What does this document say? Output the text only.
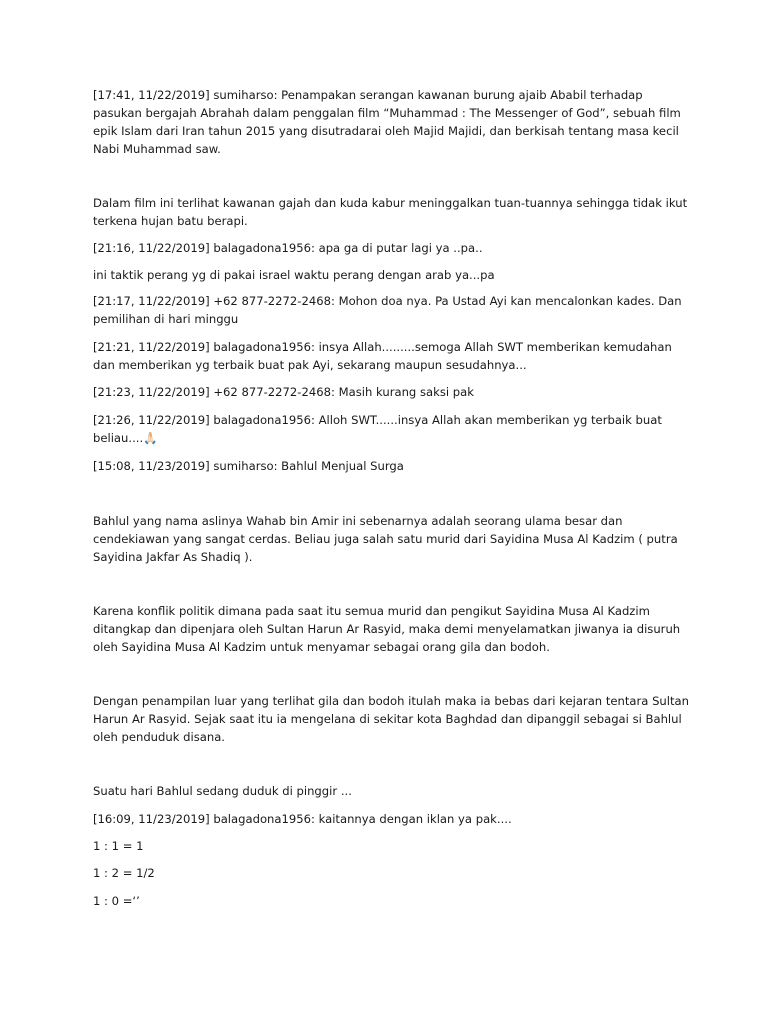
[17:41, 11/22/2019] sumiharso: Penampakan serangan kawanan burung ajaib Ababil terhadap pasukan bergajah Abrahah dalam penggalan film “Muhammad : The Messenger of God”, sebuah film epik Islam dari Iran tahun 2015 yang disutradarai oleh Majid Majidi, dan berkisah tentang masa kecil Nabi Muhammad saw.

Dalam film ini terlihat kawanan gajah dan kuda kabur meninggalkan tuan-tuannya sehingga tidak ikut terkena hujan batu berapi.

[21:16, 11/22/2019] balagadona1956: apa ga di putar lagi ya ..pa..

ini taktik perang yg di pakai israel waktu perang dengan arab ya...pa

[21:17, 11/22/2019] +62 877-2272-2468: Mohon doa nya. Pa Ustad Ayi kan mencalonkan kades. Dan pemilihan di hari minggu

[21:21, 11/22/2019] balagadona1956: insya Allah.........semoga Allah SWT memberikan kemudahan dan memberikan yg terbaik buat pak Ayi, sekarang maupun sesudahnya...

[21:23, 11/22/2019] +62 877-2272-2468: Masih kurang saksi pak

[21:26, 11/22/2019] balagadona1956: Alloh SWT......insya Allah akan memberikan yg terbaik buat beliau....🙏🏻

[15:08, 11/23/2019] sumiharso: Bahlul Menjual Surga

Bahlul yang nama aslinya Wahab bin Amir ini sebenarnya adalah seorang ulama besar dan cendekiawan yang sangat cerdas. Beliau juga salah satu murid dari Sayidina Musa Al Kadzim ( putra Sayidina Jakfar As Shadiq ).

Karena konflik politik dimana pada saat itu semua murid dan pengikut Sayidina Musa Al Kadzim ditangkap dan dipenjara oleh Sultan Harun Ar Rasyid, maka demi menyelamatkan jiwanya ia disuruh oleh Sayidina Musa Al Kadzim untuk menyamar sebagai orang gila dan bodoh.

Dengan penampilan luar yang terlihat gila dan bodoh itulah maka ia bebas dari kejaran tentara Sultan Harun Ar Rasyid. Sejak saat itu ia mengelana di sekitar kota Baghdad dan dipanggil sebagai si Bahlul oleh penduduk disana.

Suatu hari Bahlul sedang duduk di pinggir ...

[16:09, 11/23/2019] balagadona1956: kaitannya dengan iklan ya pak....

1 : 1 = 1

1 : 2 = 1/2

1 : 0 =‘’
